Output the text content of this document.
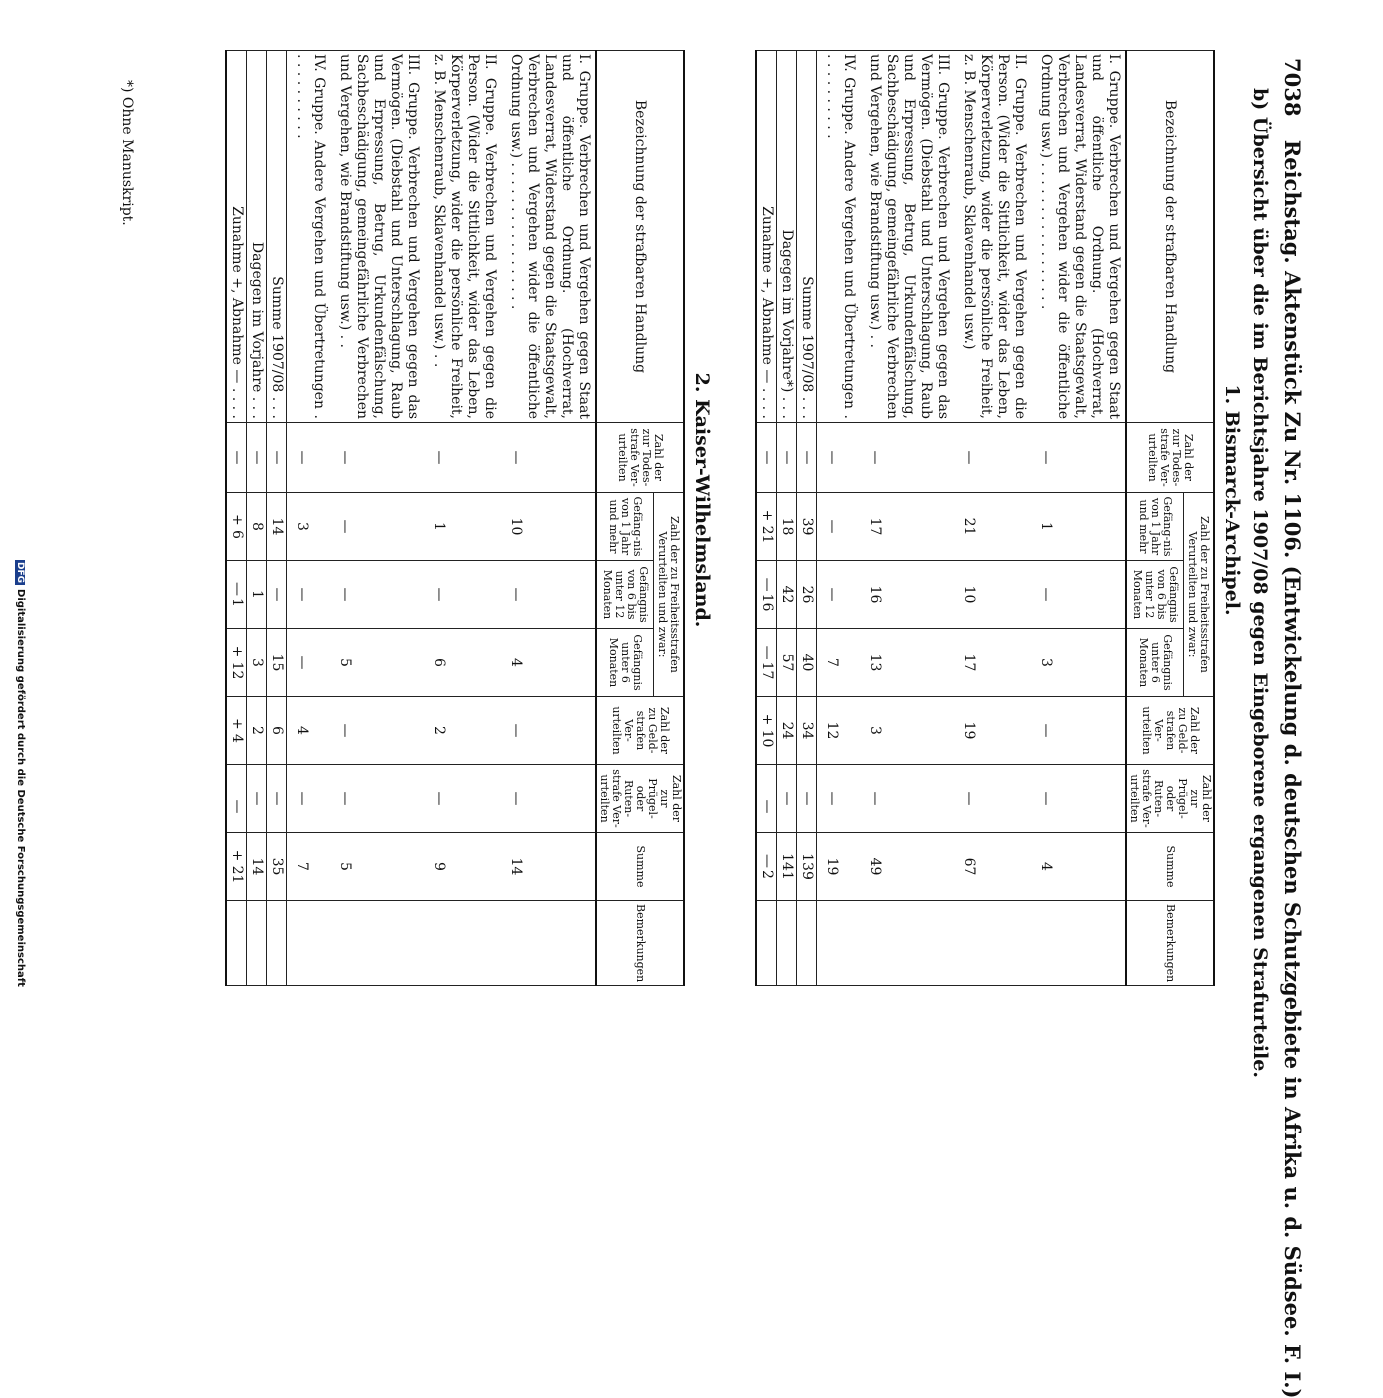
7038 Reichstag. Aktenstück Zu Nr. 1106. (Entwickelung d. deutschen Schutzgebiete in Afrika u. d. Südsee. F. I.)
b) Übersicht über die im Berichtsjahre 1907/08 gegen Eingeborene ergangenen Strafurteile.
1. Bismarck-Archipel.
Bezeichnung der strafbaren Handlung	Zahl der zur Todes-strafe Ver-urteilten	Zahl der zu Freiheitsstrafen Verurteilten und zwar:			Zahl der zu Geld-strafen Ver-urteilten	Zahl der zur Prügel- oder Ruten-strafe Ver-urteilten	Summe	Bemerkungen
		Gefäng-nis von 1 Jahr und mehr	Gefängnis von 6 bis unter 12 Monaten	Gefängnis unter 6 Monaten				
I. Gruppe. Verbrechen und Vergehen gegen Staat und öffentliche Ordnung. (Hochverrat, Landesverrat, Widerstand gegen die Staatsgewalt, Verbrechen und Vergehen wider die öffentliche Ordnung usw.) . . . . . . . . . . . . . . . . .	—	1	—	3	—	—	4	
II. Gruppe. Verbrechen und Vergehen gegen die Person. (Wider die Sittlichkeit, wider das Leben, Körperverletzung, wider die persönliche Freiheit, z. B. Menschenraub, Sklavenhandel usw.)	—	21	10	17	19	—	67	
III. Gruppe. Verbrechen und Vergehen gegen das Vermögen. (Diebstahl und Unterschlagung, Raub und Erpressung, Betrug, Urkundenfälschung, Sachbeschädigung, gemeingefährliche Verbrechen und Vergehen, wie Brandstiftung usw.) . .	—	17	16	13	3	—	49	
IV. Gruppe. Andere Vergehen und Übertretungen . . . . . . . . . . .	—	—	—	7	12	—	19	
Summe 1907/08 . . .	—	39	26	40	34	—	139	
Dagegen im Vorjahre*) . . .	—	18	42	57	24	—	141	
Zunahme +, Abnahme — . . . .	—	+21	—16	—17	+10	—	—2	
2. Kaiser-Wilhelmsland.
Bezeichnung der strafbaren Handlung	Zahl der zur Todes-strafe Ver-urteilten	Zahl der zu Freiheitsstrafen Verurteilten und zwar:			Zahl der zu Geld-strafen Ver-urteilten	Zahl der zur Prügel- oder Ruten-strafe Ver-urteilten	Summe	Bemerkungen
		Gefäng-nis von 1 Jahr und mehr	Gefängnis von 6 bis unter 12 Monaten	Gefängnis unter 6 Monaten				
I. Gruppe. Verbrechen und Vergehen gegen Staat und öffentliche Ordnung. (Hochverrat, Landesverrat, Widerstand gegen die Staatsgewalt, Verbrechen und Vergehen wider die öffentliche Ordnung usw.) . . . . . . . . . . . . . . . . .	—	10	—	4	—	—	14	
II. Gruppe. Verbrechen und Vergehen gegen die Person. (Wider die Sittlichkeit, wider das Leben, Körperverletzung, wider die persönliche Freiheit, z. B. Menschenraub, Sklavenhandel usw.) . .	—	1	—	6	2	—	9	
III. Gruppe. Verbrechen und Vergehen gegen das Vermögen. (Diebstahl und Unterschlagung, Raub und Erpressung, Betrug, Urkundenfälschung, Sachbeschädigung, gemeingefährliche Verbrechen und Vergehen, wie Brandstiftung usw.) . .	—	—	—	5	—	—	5	
IV. Gruppe. Andere Vergehen und Übertretungen . . . . . . . . . . .	—	3	—	—	4	—	7	
Summe 1907/08 . . .	—	14	—	15	6	—	35	
Dagegen im Vorjahre . . .	—	8	1	3	2	—	14	
Zunahme +, Abnahme — . . . .	—	+6	—1	+12	+4	—	+21	
*) Ohne Manuskript.
DFGDigitalisierung gefördert durch die Deutsche Forschungsgemeinschaft
